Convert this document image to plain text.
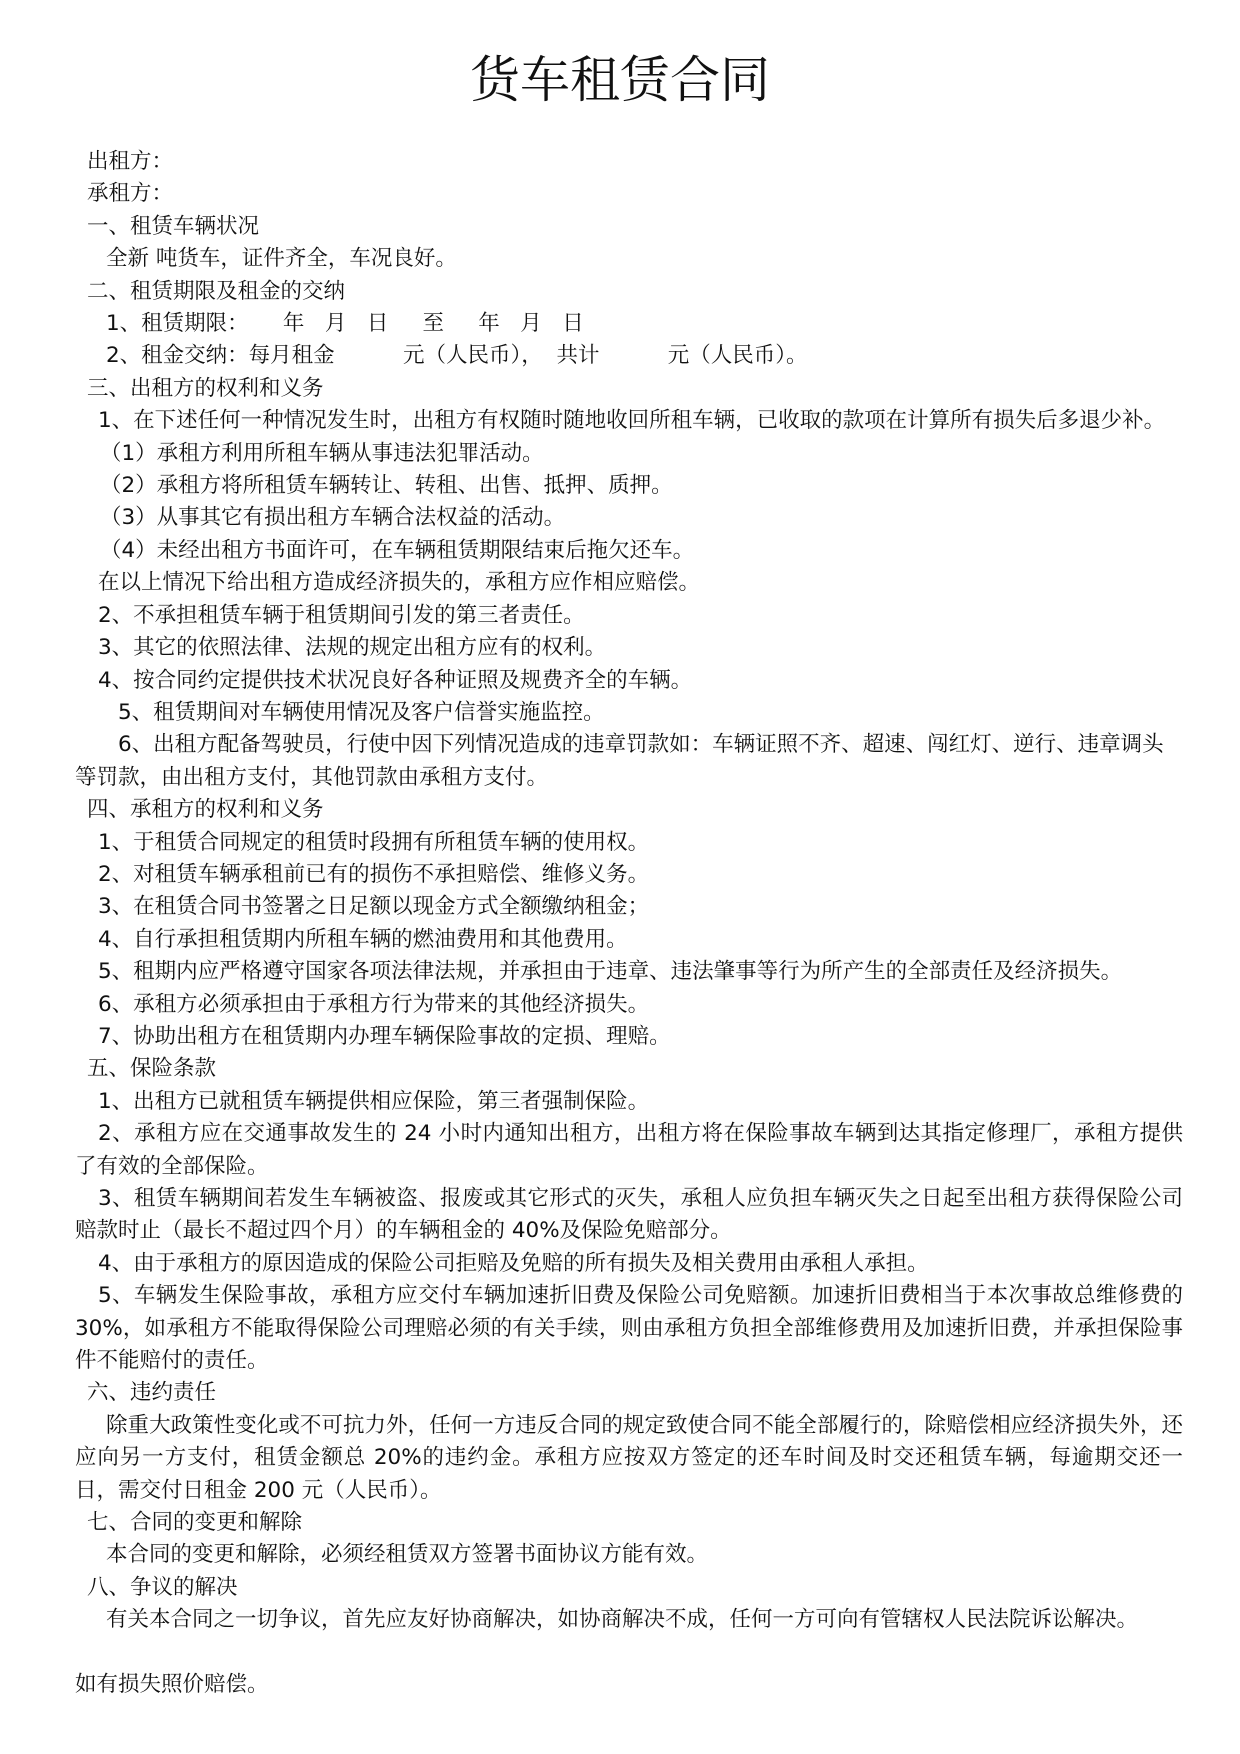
货车租赁合同
出租方：
承租方：
一、租赁车辆状况
全新 吨货车，证件齐全，车况良好。
二、租赁期限及租金的交纳
1、租赁期限：     年   月   日     至     年   月   日
2、租金交纳：每月租金          元（人民币），  共计          元（人民币）。
三、出租方的权利和义务
1、在下述任何一种情况发生时，出租方有权随时随地收回所租车辆，已收取的款项在计算所有损失后多退少补。
（1）承租方利用所租车辆从事违法犯罪活动。
（2）承租方将所租赁车辆转让、转租、出售、抵押、质押。
（3）从事其它有损出租方车辆合法权益的活动。
（4）未经出租方书面许可，在车辆租赁期限结束后拖欠还车。
在以上情况下给出租方造成经济损失的，承租方应作相应赔偿。
2、不承担租赁车辆于租赁期间引发的第三者责任。
3、其它的依照法律、法规的规定出租方应有的权利。
4、按合同约定提供技术状况良好各种证照及规费齐全的车辆。
5、租赁期间对车辆使用情况及客户信誉实施监控。
6、出租方配备驾驶员，行使中因下列情况造成的违章罚款如：车辆证照不齐、超速、闯红灯、逆行、违章调头
等罚款，由出租方支付，其他罚款由承租方支付。
四、承租方的权利和义务
1、于租赁合同规定的租赁时段拥有所租赁车辆的使用权。
2、对租赁车辆承租前已有的损伤不承担赔偿、维修义务。
3、在租赁合同书签署之日足额以现金方式全额缴纳租金；
4、自行承担租赁期内所租车辆的燃油费用和其他费用。
5、租期内应严格遵守国家各项法律法规，并承担由于违章、违法肇事等行为所产生的全部责任及经济损失。
6、承租方必须承担由于承租方行为带来的其他经济损失。
7、协助出租方在租赁期内办理车辆保险事故的定损、理赔。
五、保险条款
1、出租方已就租赁车辆提供相应保险，第三者强制保险。
2、承租方应在交通事故发生的 24 小时内通知出租方，出租方将在保险事故车辆到达其指定修理厂，承租方提供了有效的全部保险。
3、租赁车辆期间若发生车辆被盗、报废或其它形式的灭失，承租人应负担车辆灭失之日起至出租方获得保险公司赔款时止（最长不超过四个月）的车辆租金的 40%及保险免赔部分。
4、由于承租方的原因造成的保险公司拒赔及免赔的所有损失及相关费用由承租人承担。
5、车辆发生保险事故，承租方应交付车辆加速折旧费及保险公司免赔额。加速折旧费相当于本次事故总维修费的 30%，如承租方不能取得保险公司理赔必须的有关手续，则由承租方负担全部维修费用及加速折旧费，并承担保险事件不能赔付的责任。
六、违约责任
除重大政策性变化或不可抗力外，任何一方违反合同的规定致使合同不能全部履行的，除赔偿相应经济损失外，还应向另一方支付，租赁金额总 20%的违约金。承租方应按双方签定的还车时间及时交还租赁车辆，每逾期交还一日，需交付日租金 200 元（人民币）。
七、合同的变更和解除
本合同的变更和解除，必须经租赁双方签署书面协议方能有效。
八、争议的解决
有关本合同之一切争议，首先应友好协商解决，如协商解决不成，任何一方可向有管辖权人民法院诉讼解决。
如有损失照价赔偿。
